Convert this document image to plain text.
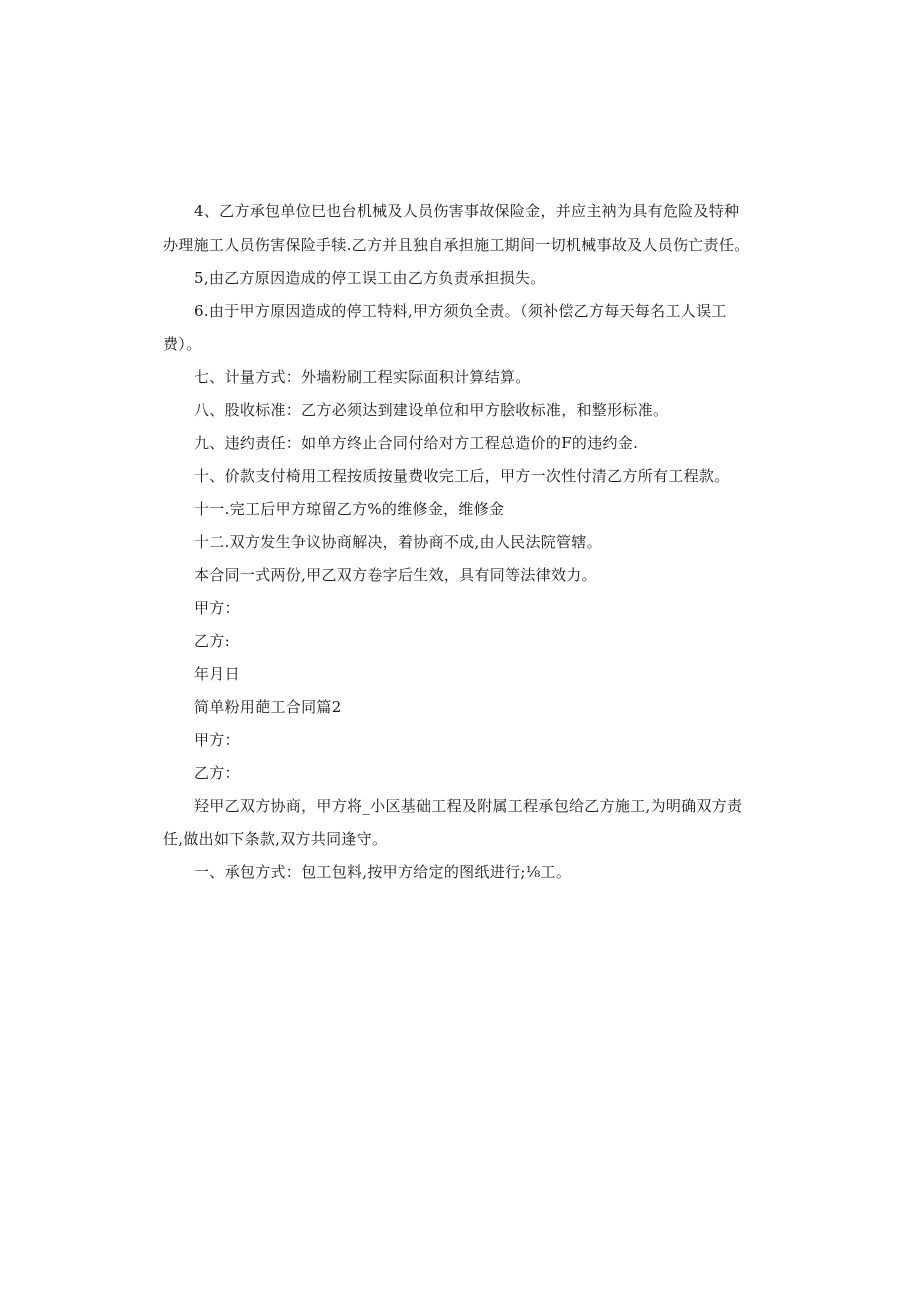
4、乙方承包单位巳也台机械及人员伤害事故保险金，并应主衲为具有危险及特种
办理施工人员伤害保险手犊.乙方并且独自承担施工期间一切机械事故及人员伤亡责任。
5,由乙方原因造成的停工误工由乙方负责承担损失。
6.由于甲方原因造成的停工特料,甲方须负全责。（须补偿乙方每天每名工人误工
费）。
七、计量方式：外墙粉刷工程实际面积计算结算。
八、股收标准：乙方必须达到建设单位和甲方脍收标准，和整形标准。
九、违约责任：如单方终止合同付给对方工程总造价的F的违约金.
十、价款支付椅用工程按质按量费收完工后，甲方一次性付清乙方所有工程款。
十一.完工后甲方琼留乙方%的维修金，维修金
十二.双方发生争议协商解决，着协商不成,由人民法院管辖。
本合同一式两份,甲乙双方卷字后生效，具有同等法律效力。
甲方：
乙方:
年月日
简单粉用葩工合同篇2
甲方：
乙方：
羟甲乙双方协商，甲方将_小区基础工程及附属工程承包给乙方施工,为明确双方责
任,做出如下条款,双方共同逢守。
一、承包方式：包工包料,按甲方给定的图纸进行;⅛工。
